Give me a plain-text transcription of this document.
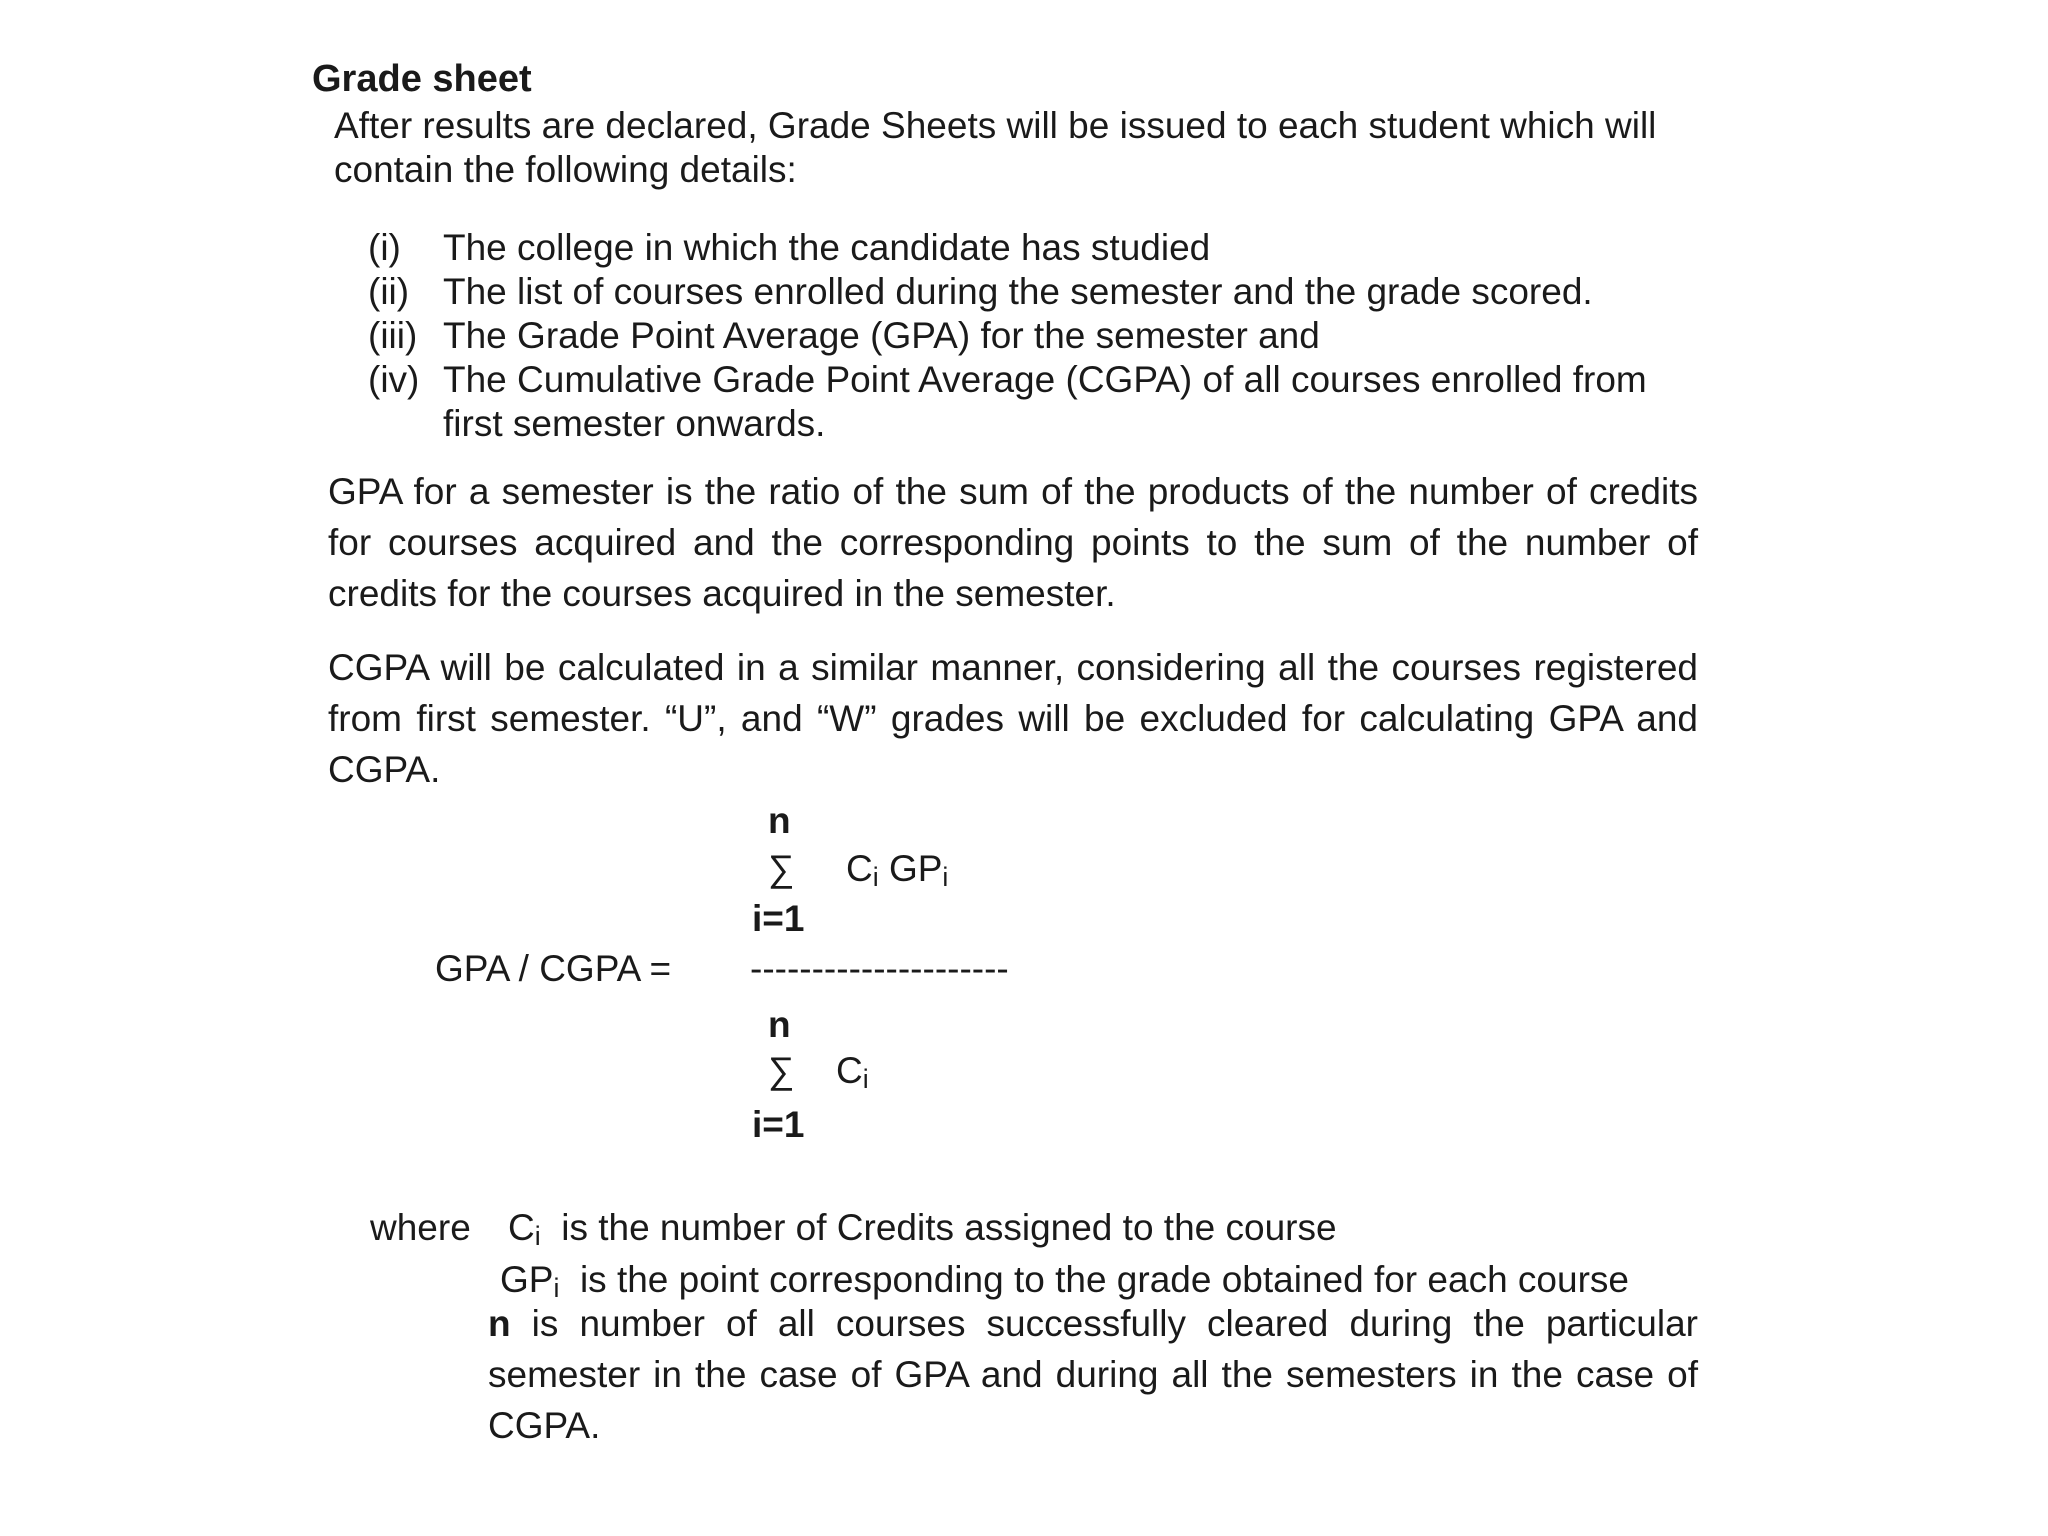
Grade sheet
After results are declared, Grade Sheets will be issued to each student which will contain the following details:
(i) The college in which the candidate has studied
(ii) The list of courses enrolled during the semester and the grade scored.
(iii) The Grade Point Average (GPA) for the semester and
(iv) The Cumulative Grade Point Average (CGPA) of all courses enrolled from
first semester onwards.
GPA for a semester is the ratio of the sum of the products of the number of credits for courses acquired and the corresponding points to the sum of the number of credits for the courses acquired in the semester.
CGPA will be calculated in a similar manner, considering all the courses registered from first semester. “U”, and “W” grades will be excluded for calculating GPA and CGPA.
n
∑ $C_i$ $GP_i$
i=1
GPA / CGPA = ---------------------
n
∑ $C_i$
i=1
where $C_i$ is the number of Credits assigned to the course
$GP_i$ is the point corresponding to the grade obtained for each course
n is number of all courses successfully cleared during the particular semester in the case of GPA and during all the semesters in the case of CGPA.
